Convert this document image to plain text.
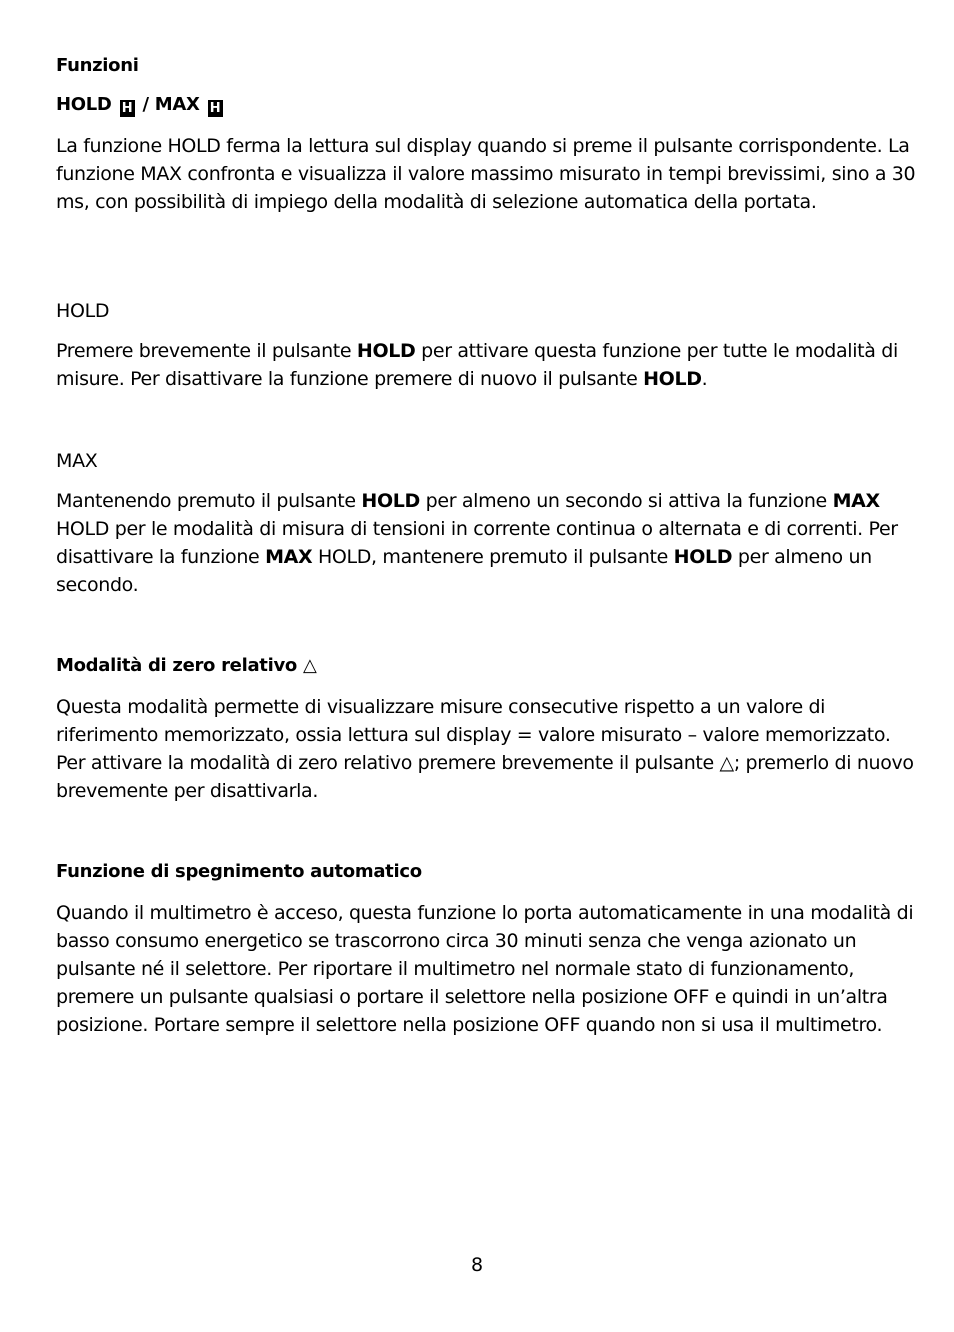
Funzioni
HOLD H / MAX H

La funzione HOLD ferma la lettura sul display quando si preme il pulsante corrispondente. La funzione MAX confronta e visualizza il valore massimo misurato in tempi brevissimi, sino a 30 ms, con possibilità di impiego della modalità di selezione automatica della portata.

HOLD

Premere brevemente il pulsante HOLD per attivare questa funzione per tutte le modalità di misure. Per disattivare la funzione premere di nuovo il pulsante HOLD.

MAX

Mantenendo premuto il pulsante HOLD per almeno un secondo si attiva la funzione MAX HOLD per le modalità di misura di tensioni in corrente continua o alternata e di correnti. Per disattivare la funzione MAX HOLD, mantenere premuto il pulsante HOLD per almeno un secondo.

Modalità di zero relativo △

Questa modalità permette di visualizzare misure consecutive rispetto a un valore di riferimento memorizzato, ossia lettura sul display = valore misurato – valore memorizzato. Per attivare la modalità di zero relativo premere brevemente il pulsante △; premerlo di nuovo brevemente per disattivarla.

Funzione di spegnimento automatico

Quando il multimetro è acceso, questa funzione lo porta automaticamente in una modalità di basso consumo energetico se trascorrono circa 30 minuti senza che venga azionato un pulsante né il selettore. Per riportare il multimetro nel normale stato di funzionamento, premere un pulsante qualsiasi o portare il selettore nella posizione OFF e quindi in un’altra posizione. Portare sempre il selettore nella posizione OFF quando non si usa il multimetro.

8
